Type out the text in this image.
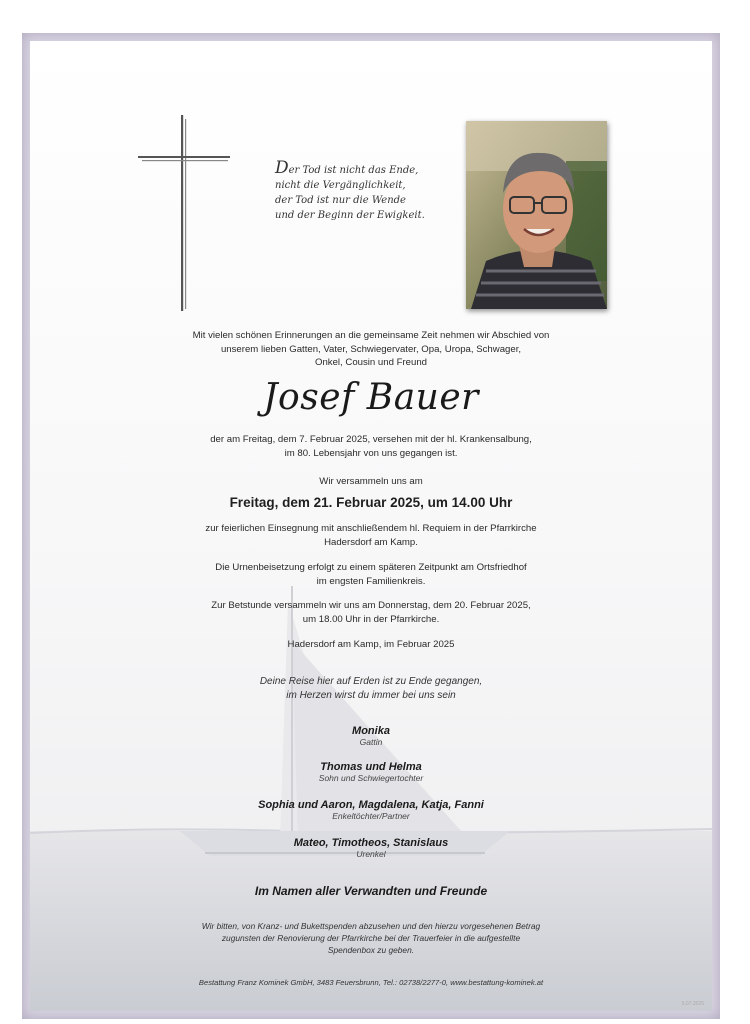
Der Tod ist nicht das Ende,
nicht die Vergänglichkeit,
der Tod ist nur die Wende
und der Beginn der Ewigkeit.
Mit vielen schönen Erinnerungen an die gemeinsame Zeit nehmen wir Abschied von
unserem lieben Gatten, Vater, Schwiegervater, Opa, Uropa, Schwager,
Onkel, Cousin und Freund
Josef Bauer
der am Freitag, dem 7. Februar 2025, versehen mit der hl. Krankensalbung,
im 80. Lebensjahr von uns gegangen ist.
Wir versammeln uns am
Freitag, dem 21. Februar 2025, um 14.00 Uhr
zur feierlichen Einsegnung mit anschließendem hl. Requiem in der Pfarrkirche
Hadersdorf am Kamp.
Die Urnenbeisetzung erfolgt zu einem späteren Zeitpunkt am Ortsfriedhof
im engsten Familienkreis.
Zur Betstunde versammeln wir uns am Donnerstag, dem 20. Februar 2025,
um 18.00 Uhr in der Pfarrkirche.
Hadersdorf am Kamp, im Februar 2025
Deine Reise hier auf Erden ist zu Ende gegangen,
im Herzen wirst du immer bei uns sein
Monika
Gattin
Thomas und Helma
Sohn und Schwiegertochter
Sophia und Aaron, Magdalena, Katja, Fanni
Enkeltöchter/Partner
Mateo, Timotheos, Stanislaus
Urenkel
Im Namen aller Verwandten und Freunde
Wir bitten, von Kranz- und Bukettspenden abzusehen und den hierzu vorgesehenen Betrag
zugunsten der Renovierung der Pfarrkirche bei der Trauerfeier in die aufgestellte
Spendenbox zu geben.
Bestattung Franz Kominek GmbH, 3483 Feuersbrunn, Tel.: 02738/2277-0, www.bestattung-kominek.at
5.07.2025
